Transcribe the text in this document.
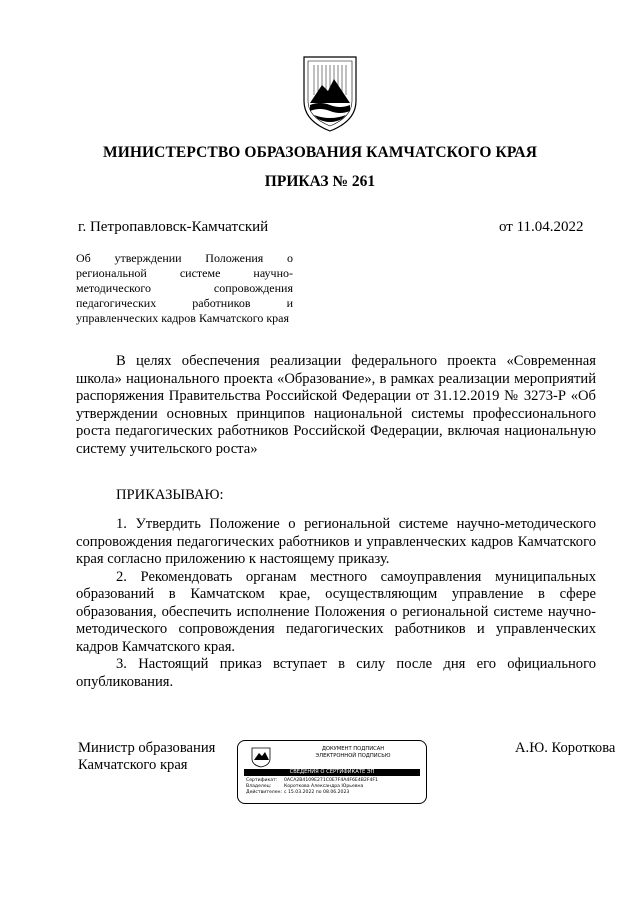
МИНИСТЕРСТВО ОБРАЗОВАНИЯ КАМЧАТСКОГО КРАЯ
ПРИКАЗ № 261
г. Петропавловск-Камчатский	от 11.04.2022
Об утверждении Положения о региональной системе научно-методического сопровождения педагогических работников и управленческих кадров Камчатского края
В целях обеспечения реализации федерального проекта «Современная школа» национального проекта «Образование», в рамках реализации мероприятий распоряжения Правительства Российской Федерации от 31.12.2019 № 3273-Р «Об утверждении основных принципов национальной системы профессионального роста педагогических работников Российской Федерации, включая национальную систему учительского роста»
ПРИКАЗЫВАЮ:

1. Утвердить Положение о региональной системе научно-методического сопровождения педагогических работников и управленческих кадров Камчатского края согласно приложению к настоящему приказу.

2. Рекомендовать органам местного самоуправления муниципальных образований в Камчатском крае, осуществляющим управление в сфере образования, обеспечить исполнение Положения о региональной системе научно-методического сопровождения педагогических работников и управленческих кадров Камчатского края.

3. Настоящий приказ вступает в силу после дня его официального опубликования.

Министр образования
Камчатского края
А.Ю. Короткова
ДОКУМЕНТ ПОДПИСАН
ЭЛЕКТРОННОЙ ПОДПИСЬЮ
СВЕДЕНИЯ О СЕРТИФИКАТЕ ЭП
Сертификат: 0ACA2B4109E271C0E7F4A4F6E4B2F4F1
Владелец:	Короткова Александра Юрьевна
Действителен: с 15.03.2022 по 08.06.2023
